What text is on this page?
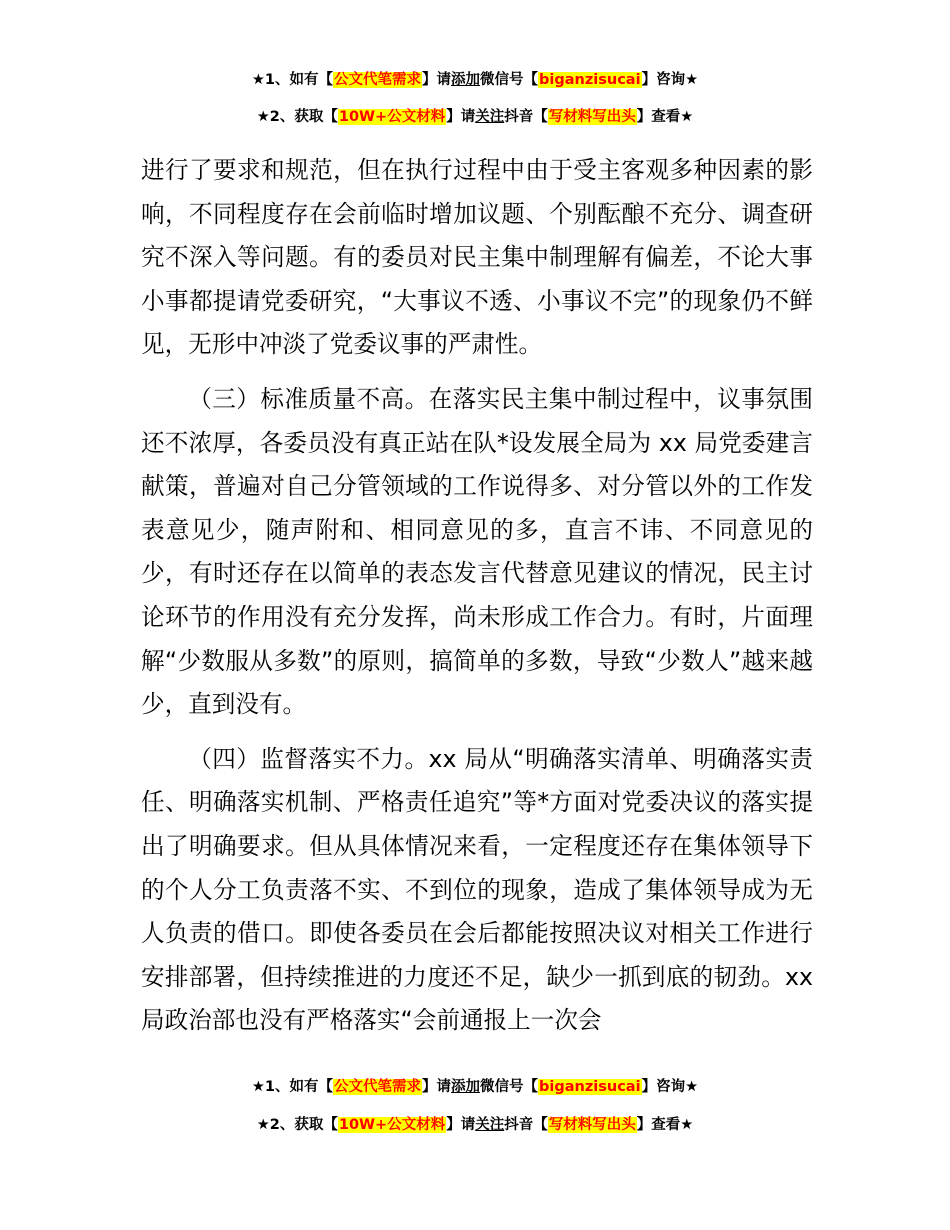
★1、如有【公文代笔需求】请添加微信号【biganzisucai】咨询★
★2、获取【10W+公文材料】请关注抖音【写材料写出头】查看★

进行了要求和规范，但在执行过程中由于受主客观多种因素的影响，不同程度存在会前临时增加议题、个别酝酿不充分、调查研究不深入等问题。有的委员对民主集中制理解有偏差，不论大事小事都提请党委研究，“大事议不透、小事议不完”的现象仍不鲜见，无形中冲淡了党委议事的严肃性。

（三）标准质量不高。在落实民主集中制过程中，议事氛围还不浓厚，各委员没有真正站在队*设发展全局为 xx 局党委建言献策，普遍对自己分管领域的工作说得多、对分管以外的工作发表意见少，随声附和、相同意见的多，直言不讳、不同意见的少，有时还存在以简单的表态发言代替意见建议的情况，民主讨论环节的作用没有充分发挥，尚未形成工作合力。有时，片面理解“少数服从多数”的原则，搞简单的多数，导致“少数人”越来越少，直到没有。

（四）监督落实不力。xx 局从“明确落实清单、明确落实责任、明确落实机制、严格责任追究”等*方面对党委决议的落实提出了明确要求。但从具体情况来看，一定程度还存在集体领导下的个人分工负责落不实、不到位的现象，造成了集体领导成为无人负责的借口。即使各委员在会后都能按照决议对相关工作进行安排部署，但持续推进的力度还不足，缺少一抓到底的韧劲。xx 局政治部也没有严格落实“会前通报上一次会

★1、如有【公文代笔需求】请添加微信号【biganzisucai】咨询★
★2、获取【10W+公文材料】请关注抖音【写材料写出头】查看★
